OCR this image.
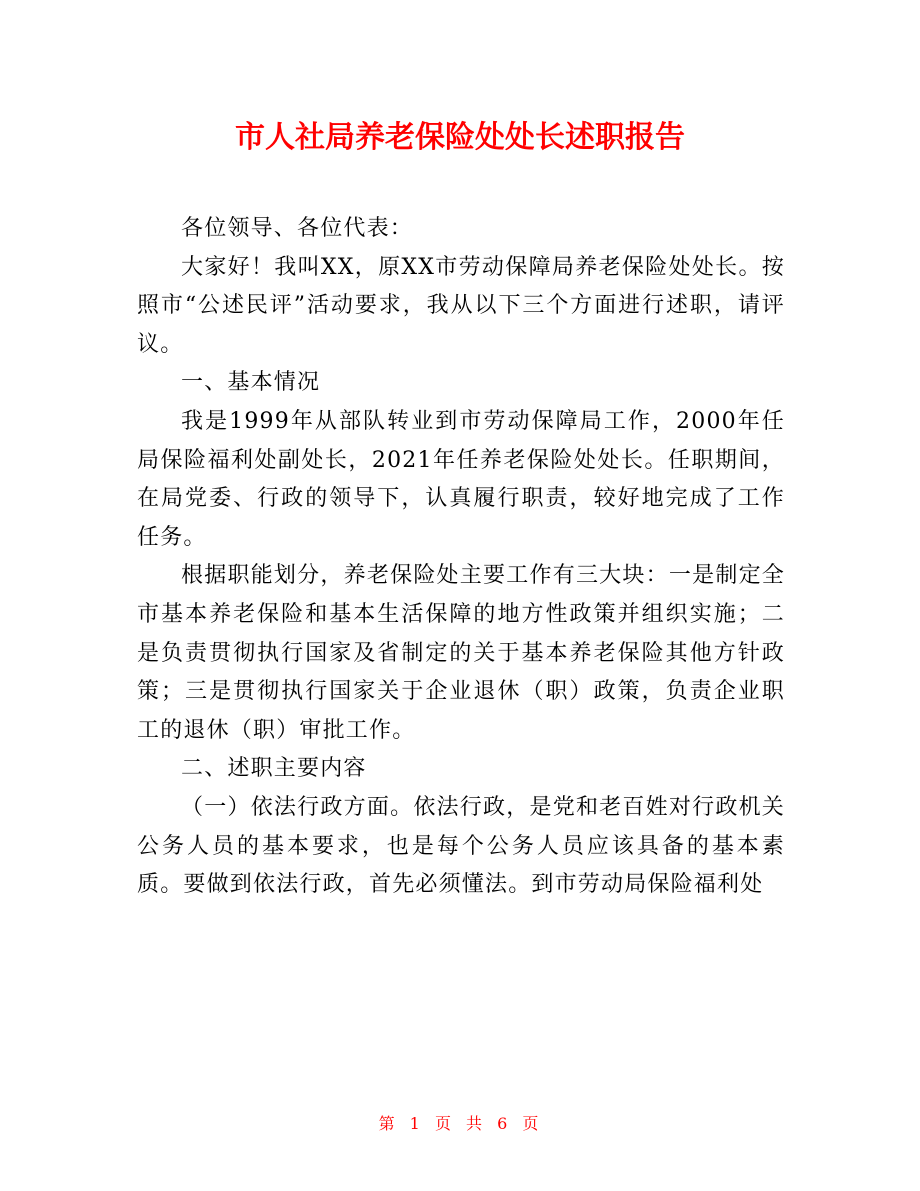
市人社局养老保险处处长述职报告

各位领导、各位代表：

大家好！我叫XX，原XX市劳动保障局养老保险处处长。按照市“公述民评”活动要求，我从以下三个方面进行述职，请评议。

一、基本情况

我是1999年从部队转业到市劳动保障局工作，2000年任局保险福利处副处长，2021年任养老保险处处长。任职期间，在局党委、行政的领导下，认真履行职责，较好地完成了工作任务。

根据职能划分，养老保险处主要工作有三大块：一是制定全市基本养老保险和基本生活保障的地方性政策并组织实施；二是负责贯彻执行国家及省制定的关于基本养老保险其他方针政策；三是贯彻执行国家关于企业退休（职）政策，负责企业职工的退休（职）审批工作。

二、述职主要内容

（一）依法行政方面。依法行政，是党和老百姓对行政机关公务人员的基本要求，也是每个公务人员应该具备的基本素质。要做到依法行政，首先必须懂法。到市劳动局保险福利处

第 1 页 共 6 页
